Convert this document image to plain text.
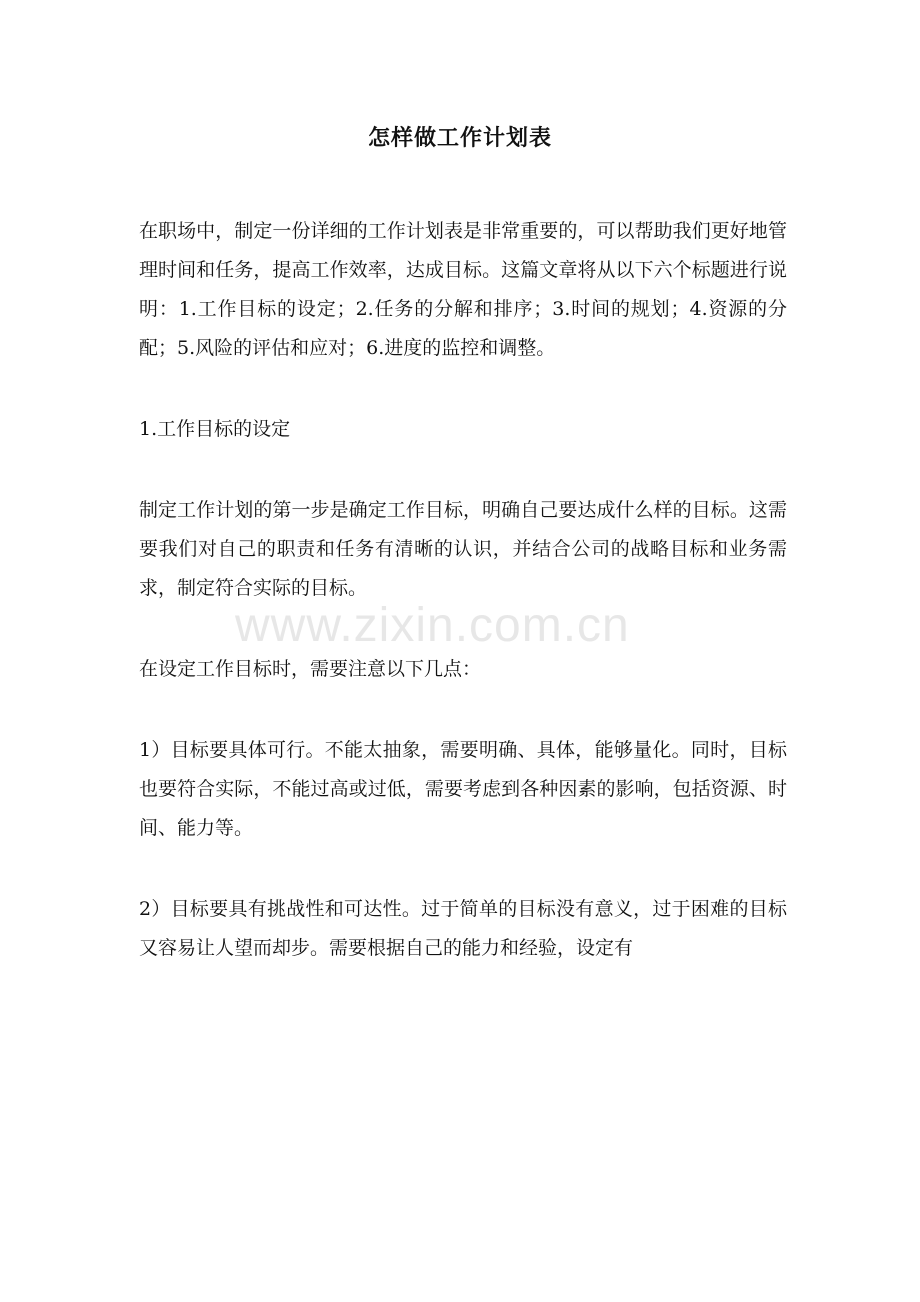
怎样做工作计划表

在职场中，制定一份详细的工作计划表是非常重要的，可以帮助我们更好地管理时间和任务，提高工作效率，达成目标。这篇文章将从以下六个标题进行说明：1.工作目标的设定；2.任务的分解和排序；3.时间的规划；4.资源的分配；5.风险的评估和应对；6.进度的监控和调整。

1.工作目标的设定

制定工作计划的第一步是确定工作目标，明确自己要达成什么样的目标。这需要我们对自己的职责和任务有清晰的认识，并结合公司的战略目标和业务需求，制定符合实际的目标。

在设定工作目标时，需要注意以下几点：

1）目标要具体可行。不能太抽象，需要明确、具体，能够量化。同时，目标也要符合实际，不能过高或过低，需要考虑到各种因素的影响，包括资源、时间、能力等。

2）目标要具有挑战性和可达性。过于简单的目标没有意义，过于困难的目标又容易让人望而却步。需要根据自己的能力和经验，设定有

www.zixin.com.cn
